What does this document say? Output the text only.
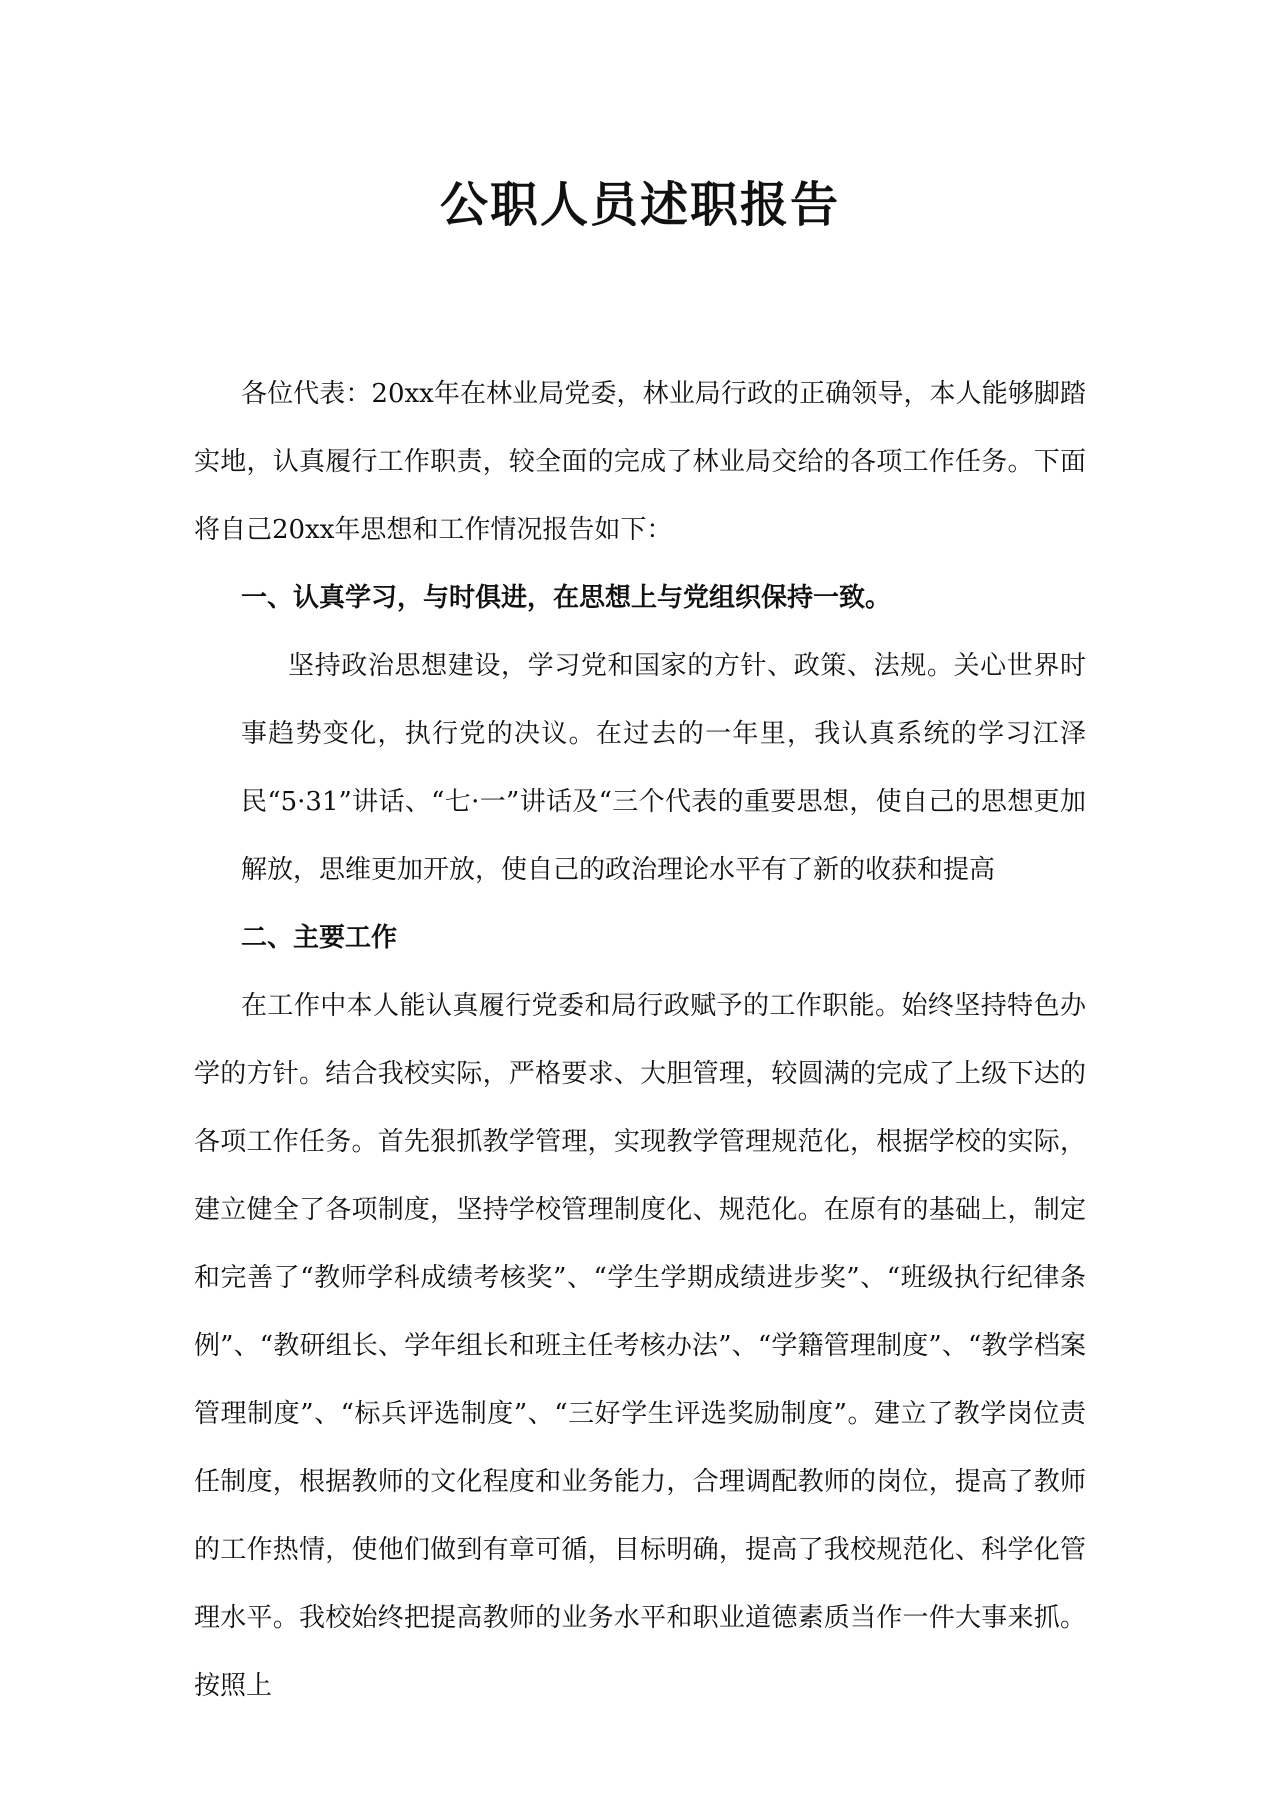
公职人员述职报告

各位代表：20xx年在林业局党委，林业局行政的正确领导，本人能够脚踏实地，认真履行工作职责，较全面的完成了林业局交给的各项工作任务。下面将自己20xx年思想和工作情况报告如下：

一、认真学习，与时俱进，在思想上与党组织保持一致。

坚持政治思想建设，学习党和国家的方针、政策、法规。关心世界时事趋势变化，执行党的决议。在过去的一年里，我认真系统的学习江泽民“5·31”讲话、“七·一”讲话及“三个代表的重要思想，使自己的思想更加解放，思维更加开放，使自己的政治理论水平有了新的收获和提高

二、主要工作

在工作中本人能认真履行党委和局行政赋予的工作职能。始终坚持特色办学的方针。结合我校实际，严格要求、大胆管理，较圆满的完成了上级下达的各项工作任务。首先狠抓教学管理，实现教学管理规范化，根据学校的实际，建立健全了各项制度，坚持学校管理制度化、规范化。在原有的基础上，制定和完善了“教师学科成绩考核奖”、“学生学期成绩进步奖”、“班级执行纪律条例”、“教研组长、学年组长和班主任考核办法”、“学籍管理制度”、“教学档案管理制度”、“标兵评选制度”、“三好学生评选奖励制度”。建立了教学岗位责任制度，根据教师的文化程度和业务能力，合理调配教师的岗位，提高了教师的工作热情，使他们做到有章可循，目标明确，提高了我校规范化、科学化管理水平。我校始终把提高教师的业务水平和职业道德素质当作一件大事来抓。按照上
